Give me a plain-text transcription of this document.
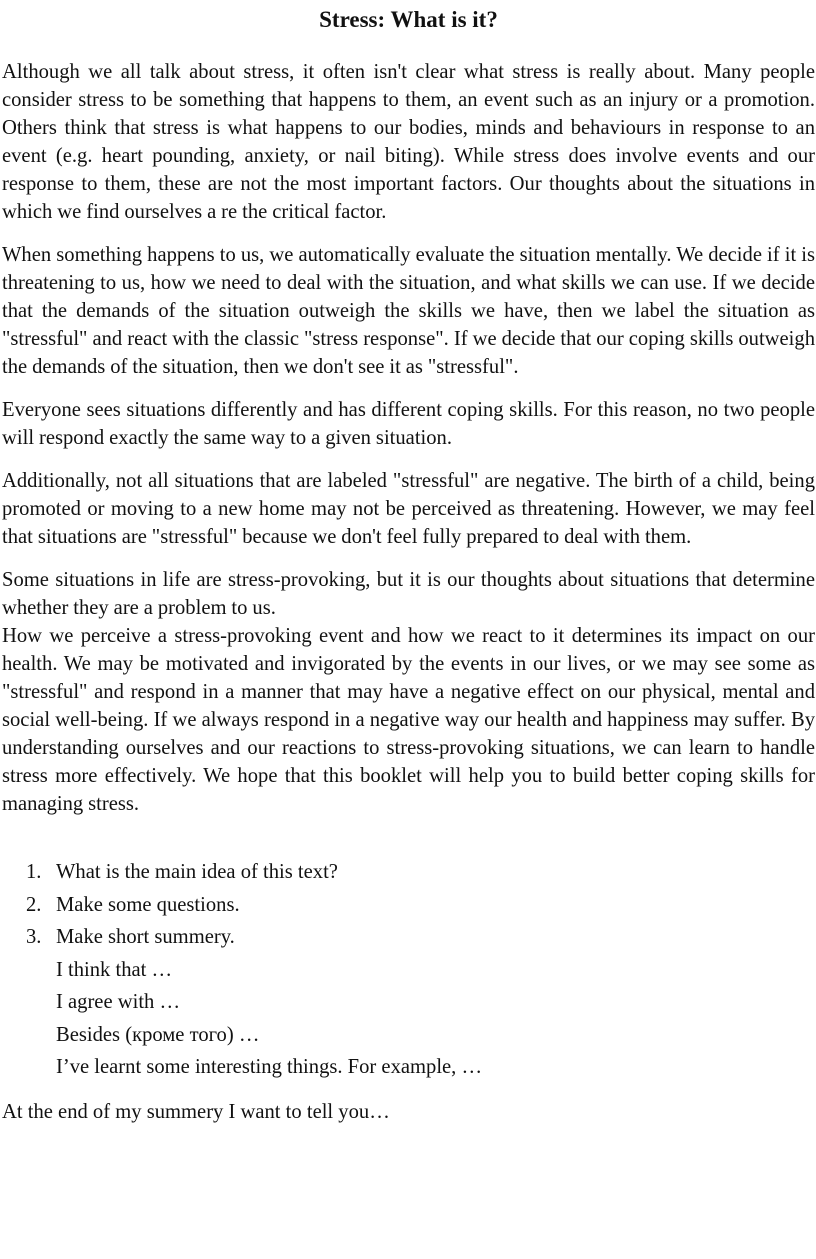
Stress: What is it?

Although we all talk about stress, it often isn't clear what stress is really about. Many people consider stress to be something that happens to them, an event such as an injury or a promotion. Others think that stress is what happens to our bodies, minds and behaviours in response to an event (e.g. heart pounding, anxiety, or nail biting). While stress does involve events and our response to them, these are not the most important factors. Our thoughts about the situations in which we find ourselves a re the critical factor.

When something happens to us, we automatically evaluate the situation mentally. We decide if it is threatening to us, how we need to deal with the situation, and what skills we can use. If we decide that the demands of the situation outweigh the skills we have, then we label the situation as "stressful" and react with the classic "stress response". If we decide that our coping skills outweigh the demands of the situation, then we don't see it as "stressful".

Everyone sees situations differently and has different coping skills. For this reason, no two people will respond exactly the same way to a given situation.

Additionally, not all situations that are labeled "stressful" are negative. The birth of a child, being promoted or moving to a new home may not be perceived as threatening. However, we may feel that situations are "stressful" because we don't feel fully prepared to deal with them.

Some situations in life are stress-provoking, but it is our thoughts about situations that determine whether they are a problem to us.

How we perceive a stress-provoking event and how we react to it determines its impact on our health. We may be motivated and invigorated by the events in our lives, or we may see some as "stressful" and respond in a manner that may have a negative effect on our physical, mental and social well-being. If we always respond in a negative way our health and happiness may suffer. By understanding ourselves and our reactions to stress-provoking situations, we can learn to handle stress more effectively. We hope that this booklet will help you to build better coping skills for managing stress.

1. What is the main idea of this text?
2. Make some questions.
3. Make short summery.
I think that …
I agree with …
Besides (кроме того) …
I’ve learnt some interesting things. For example, …

At the end of my summery I want to tell you…
